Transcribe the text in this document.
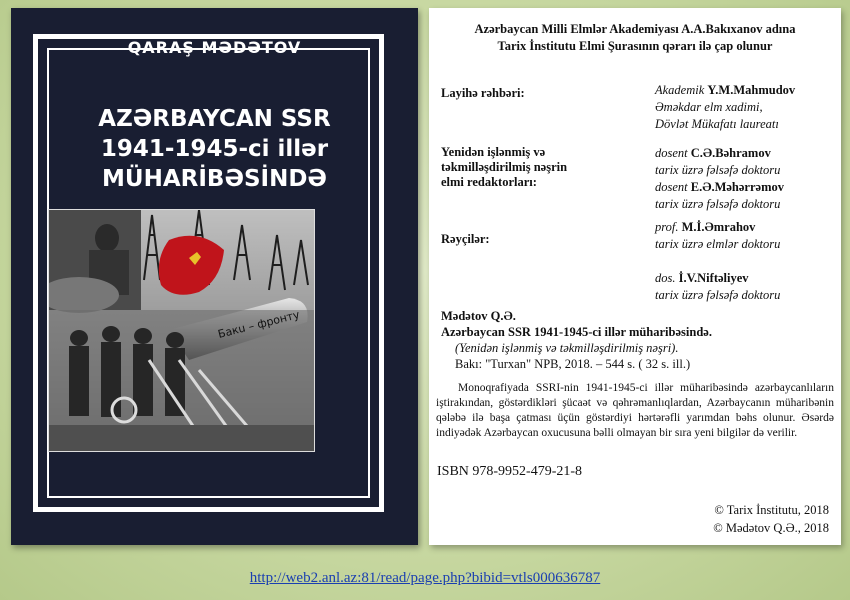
QARAŞ MƏDƏTOV
AZƏRBAYCAN SSR
1941-1945-ci illər
MÜHARİBƏSİNDƏ
Бакu – фронту
Azərbaycan Milli Elmlər Akademiyası A.A.Bakıxanov adına
Tarix İnstitutu Elmi Şurasının qərarı ilə çap olunur
Layihə rəhbəri:
Yenidən işlənmiş və
təkmilləşdirilmiş nəşrin
elmi redaktorları:
Rəyçilər:
Akademik Y.M.Mahmudov
Əməkdar elm xadimi,
Dövlət Mükafatı laureatı
dosent C.Ə.Bəhramov
tarix üzrə fəlsəfə doktoru
dosent E.Ə.Məhərrəmov
tarix üzrə fəlsəfə doktoru
prof. M.İ.Əmrahov
tarix üzrə elmlər doktoru
dos. İ.V.Niftəliyev
tarix üzrə fəlsəfə doktoru
Mədətov Q.Ə.
Azərbaycan SSR 1941-1945-ci illər müharibəsində.
(Yenidən işlənmiş və təkmilləşdirilmiş nəşri).
Bakı: "Turxan" NPB, 2018. – 544 s. ( 32 s. ill.)
Monoqrafiyada SSRI-nin 1941-1945-ci illər müharibəsində azərbaycanlıların iştirakından, göstərdikləri şücaət və qəhrəmanlıqlardan, Azərbaycanın müharibənin qələbə ilə başa çatması üçün göstərdiyi hərtərəfli yarımdan bəhs olunur. Əsərdə indiyədək Azərbaycan oxucusuna bəlli olmayan bir sıra yeni bilgilər də verilir.
ISBN 978-9952-479-21-8
© Tarix İnstitutu, 2018
© Mədətov Q.Ə., 2018
http://web2.anl.az:81/read/page.php?bibid=vtls000636787
